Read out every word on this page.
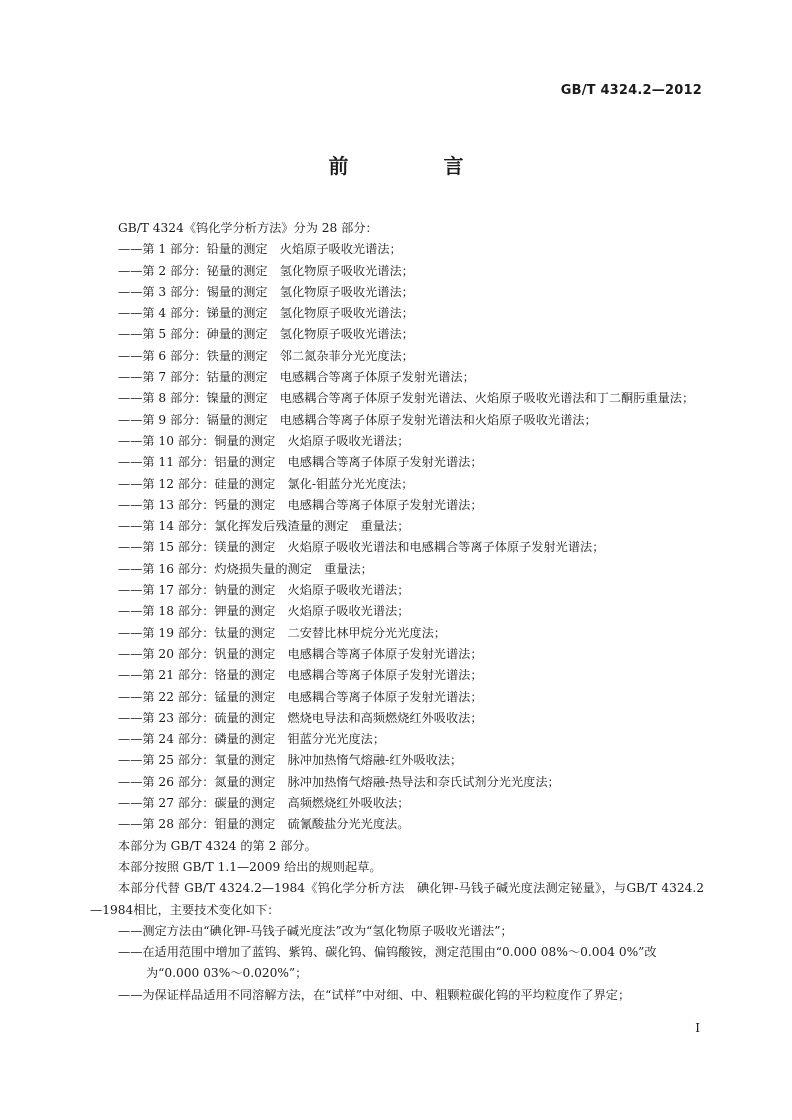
GB/T 4324.2—2012
前 言

GB/T 4324《钨化学分析方法》分为 28 部分：

——第 1 部分：铅量的测定　火焰原子吸收光谱法；

——第 2 部分：铋量的测定　氢化物原子吸收光谱法；

——第 3 部分：锡量的测定　氢化物原子吸收光谱法；

——第 4 部分：锑量的测定　氢化物原子吸收光谱法；

——第 5 部分：砷量的测定　氢化物原子吸收光谱法；

——第 6 部分：铁量的测定　邻二氮杂菲分光光度法；

——第 7 部分：钴量的测定　电感耦合等离子体原子发射光谱法；

——第 8 部分：镍量的测定　电感耦合等离子体原子发射光谱法、火焰原子吸收光谱法和丁二酮肟重量法；

——第 9 部分：镉量的测定　电感耦合等离子体原子发射光谱法和火焰原子吸收光谱法；

——第 10 部分：铜量的测定　火焰原子吸收光谱法；

——第 11 部分：铝量的测定　电感耦合等离子体原子发射光谱法；

——第 12 部分：硅量的测定　氯化-钼蓝分光光度法；

——第 13 部分：钙量的测定　电感耦合等离子体原子发射光谱法；

——第 14 部分：氯化挥发后残渣量的测定　重量法；

——第 15 部分：镁量的测定　火焰原子吸收光谱法和电感耦合等离子体原子发射光谱法；

——第 16 部分：灼烧损失量的测定　重量法；

——第 17 部分：钠量的测定　火焰原子吸收光谱法；

——第 18 部分：钾量的测定　火焰原子吸收光谱法；

——第 19 部分：钛量的测定　二安替比林甲烷分光光度法；

——第 20 部分：钒量的测定　电感耦合等离子体原子发射光谱法；

——第 21 部分：铬量的测定　电感耦合等离子体原子发射光谱法；

——第 22 部分：锰量的测定　电感耦合等离子体原子发射光谱法；

——第 23 部分：硫量的测定　燃烧电导法和高频燃烧红外吸收法；

——第 24 部分：磷量的测定　钼蓝分光光度法；

——第 25 部分：氧量的测定　脉冲加热惰气熔融-红外吸收法；

——第 26 部分：氮量的测定　脉冲加热惰气熔融-热导法和奈氏试剂分光光度法；

——第 27 部分：碳量的测定　高频燃烧红外吸收法；

——第 28 部分：钼量的测定　硫氰酸盐分光光度法。

本部分为 GB/T 4324 的第 2 部分。

本部分按照 GB/T 1.1—2009 给出的规则起草。

本部分代替 GB/T 4324.2—1984《钨化学分析方法　碘化钾-马钱子碱光度法测定铋量》，与GB/T 4324.2—1984相比，主要技术变化如下：

——测定方法由“碘化钾-马钱子碱光度法”改为“氢化物原子吸收光谱法”；

——在适用范围中增加了蓝钨、紫钨、碳化钨、偏钨酸铵，测定范围由“0.000 08%～0.004 0%”改为“0.000 03%～0.020%”；

——为保证样品适用不同溶解方法，在“试样”中对细、中、粗颗粒碳化钨的平均粒度作了界定；

I
